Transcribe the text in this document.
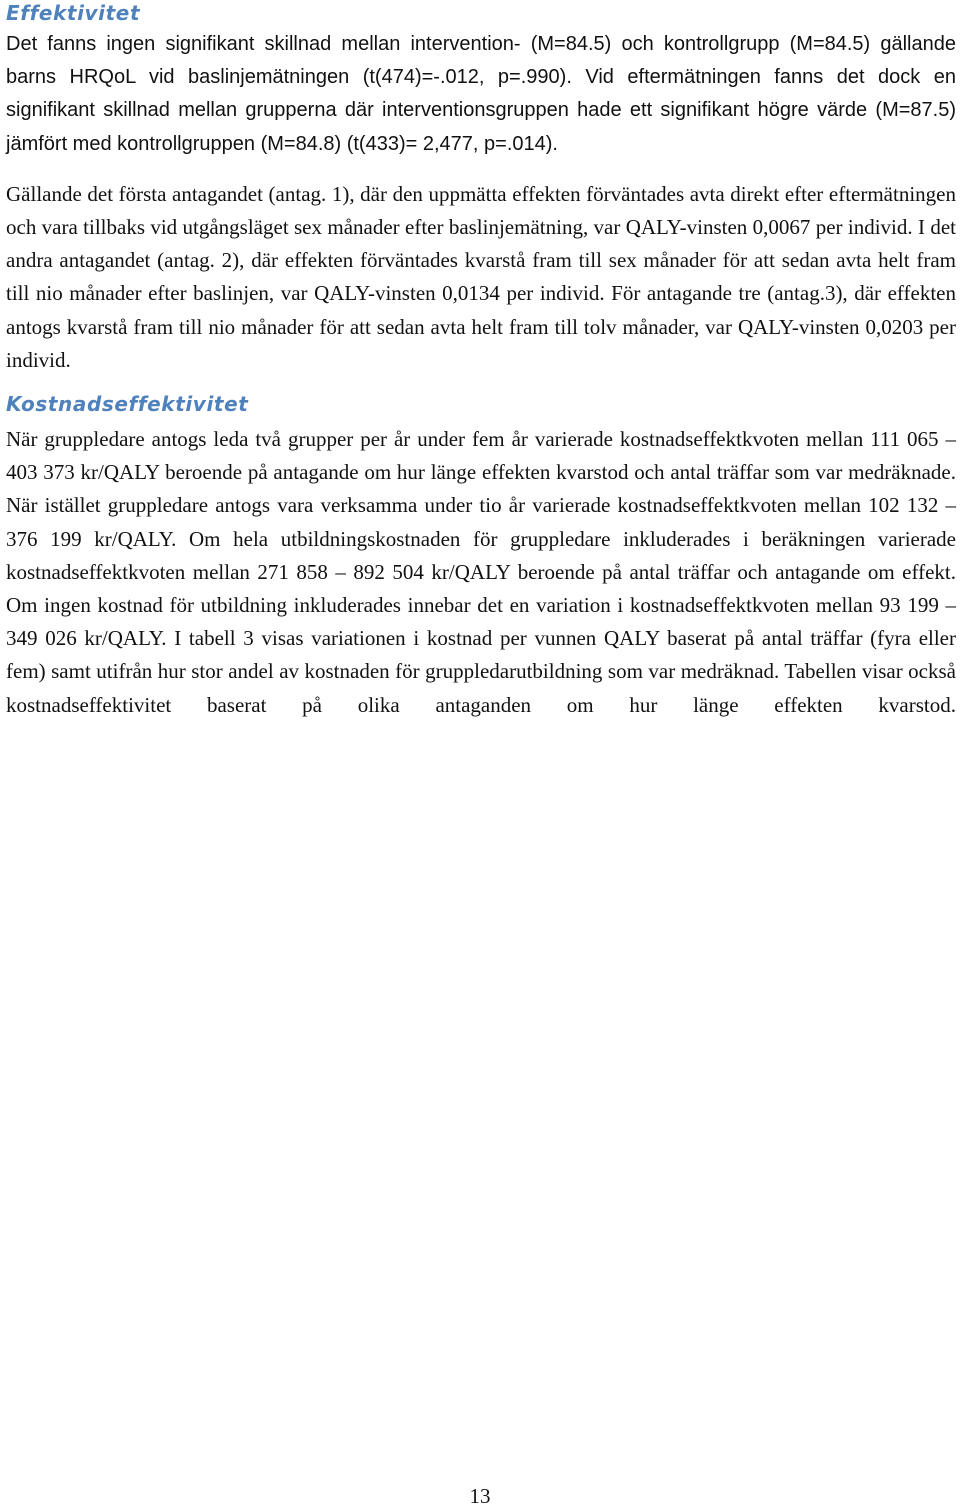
Effektivitet

Det fanns ingen signifikant skillnad mellan intervention- (M=84.5) och kontrollgrupp (M=84.5) gällande barns HRQoL vid baslinjemätningen (t(474)=-.012, p=.990). Vid eftermätningen fanns det dock en signifikant skillnad mellan grupperna där interventionsgruppen hade ett signifikant högre värde (M=87.5) jämfört med kontrollgruppen (M=84.8) (t(433)= 2,477, p=.014).

Gällande det första antagandet (antag. 1), där den uppmätta effekten förväntades avta direkt efter eftermätningen och vara tillbaks vid utgångsläget sex månader efter baslinjemätning, var QALY-vinsten 0,0067 per individ. I det andra antagandet (antag. 2), där effekten förväntades kvarstå fram till sex månader för att sedan avta helt fram till nio månader efter baslinjen, var QALY-vinsten 0,0134 per individ. För antagande tre (antag.3), där effekten antogs kvarstå fram till nio månader för att sedan avta helt fram till tolv månader, var QALY-vinsten 0,0203 per individ.

Kostnadseffektivitet

När gruppledare antogs leda två grupper per år under fem år varierade kostnadseffektkvoten mellan 111 065 – 403 373 kr/QALY beroende på antagande om hur länge effekten kvarstod och antal träffar som var medräknade. När istället gruppledare antogs vara verksamma under tio år varierade kostnadseffektkvoten mellan 102 132 – 376 199 kr/QALY. Om hela utbildningskostnaden för gruppledare inkluderades i beräkningen varierade kostnadseffektkvoten mellan 271 858 – 892 504 kr/QALY beroende på antal träffar och antagande om effekt. Om ingen kostnad för utbildning inkluderades innebar det en variation i kostnadseffektkvoten mellan 93 199 – 349 026 kr/QALY. I tabell 3 visas variationen i kostnad per vunnen QALY baserat på antal träffar (fyra eller fem) samt utifrån hur stor andel av kostnaden för gruppledarutbildning som var medräknad. Tabellen visar också kostnadseffektivitet baserat på olika antaganden om hur länge effekten kvarstod.

13
